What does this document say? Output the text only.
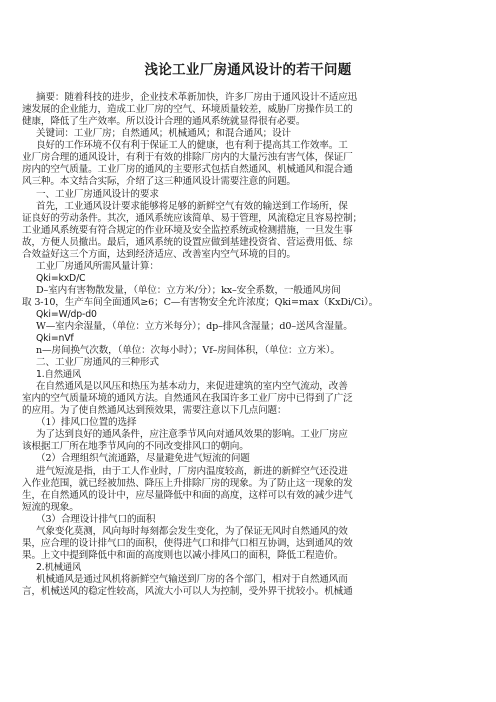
浅论工业厂房通风设计的若干问题
摘要：随着科技的进步，企业技术革新加快，许多厂房由于通风设计不适应迅
速发展的企业能力，造成工业厂房的空气、环境质量较差，威胁厂房操作员工的
健康，降低了生产效率。所以设计合理的通风系统就显得很有必要。
关键词：工业厂房；自然通风；机械通风；和混合通风；设计
良好的工作环境不仅有利于保证工人的健康，也有利于提高其工作效率。工
业厂房合理的通风设计，有利于有效的排除厂房内的大量污浊有害气体，保证厂
房内的空气质量。工业厂房的通风的主要形式包括自然通风、机械通风和混合通
风三种。本文结合实际，介绍了这三种通风设计需要注意的问题。
一、工业厂房通风设计的要求
首先，工业通风设计要求能够将足够的新鲜空气有效的输送到工作场所，保
证良好的劳动条件。其次，通风系统应该简单、易于管理，风流稳定且容易控制；
工业通风系统要有符合规定的作业环境及安全监控系统或检测措施，一旦发生事
故，方便人员撤出。最后，通风系统的设置应做到基建投资省、营运费用低、综
合效益好这三个方面，达到经济适应、改善室内空气环境的目的。
工业厂房通风所需风量计算：
Qki=kxD/C
D–室内有害物散发量，（单位：立方米/分）；kx–安全系数，一般通风房间
取 3-10，生产车间全面通风≥6；C—有害物安全允许浓度；Qki=max（KxDi/Ci）。
Qki=W/dp-d0
W—室内余湿量，（单位：立方米每分）；dp–排风含湿量；d0–送风含湿量。
Qki=nVf
n—房间换气次数，（单位：次每小时）；Vf–房间体积，（单位：立方米）。
二、工业厂房通风的三种形式
1.自然通风
在自然通风是以风压和热压为基本动力，来促进建筑的室内空气流动，改善
室内的空气质量环境的通风方法。自然通风在我国许多工业厂房中已得到了广泛
的应用。为了使自然通风达到预效果，需要注意以下几点问题：
（1）排风口位置的选择
为了达到良好的通风条件，应注意季节风向对通风效果的影响。工业厂房应
该根据工厂所在地季节风向的不同改变排风口的朝向。
（2）合理组织气流通路，尽量避免进气短流的问题
进气短流是指，由于工人作业时，厂房内温度较高，新进的新鲜空气还没进
入作业范围，就已经被加热、降压上升排除厂房的现象。为了防止这一现象的发
生，在自然通风的设计中，应尽量降低中和面的高度，这样可以有效的减少进气
短流的现象。
（3）合理设计排气口的面积
气象变化莫测，风向每时每刻都会发生变化，为了保证无风时自然通风的效
果，应合理的设计排气口的面积，使得进气口和排气口相互协调，达到通风的效
果。上文中提到降低中和面的高度则也以减小排风口的面积，降低工程造价。
2.机械通风
机械通风是通过风机将新鲜空气输送到厂房的各个部门，相对于自然通风而
言，机械送风的稳定性较高，风流大小可以人为控制，受外界干扰较小。机械通
